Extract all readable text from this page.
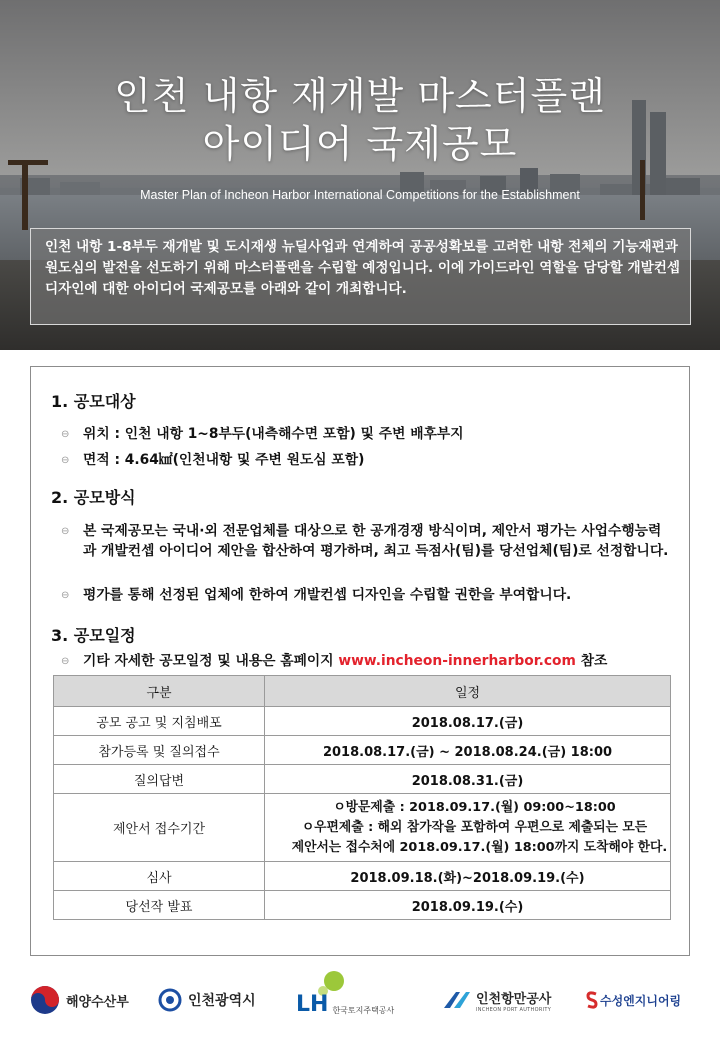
인천 내항 재개발 마스터플랜
아이디어 국제공모
Master Plan of Incheon Harbor International Competitions for the Establishment
인천 내항 1-8부두 재개발 및 도시재생 뉴딜사업과 연계하여 공공성확보를 고려한 내항 전체의 기능재편과 원도심의 발전을 선도하기 위해 마스터플랜을 수립할 예정입니다. 이에 가이드라인 역할을 담당할 개발컨셉 디자인에 대한 아이디어 국제공모를 아래와 같이 개최합니다.
1. 공모대상
⊖ 위치 : 인천 내항 1~8부두(내측해수면 포함) 및 주변 배후부지
⊖ 면적 : 4.64㎢(인천내항 및 주변 원도심 포함)
2. 공모방식
⊖ 본 국제공모는 국내·외 전문업체를 대상으로 한 공개경쟁 방식이며, 제안서 평가는 사업수행능력과 개발컨셉 아이디어 제안을 합산하여 평가하며, 최고 득점사(팀)를 당선업체(팀)로 선정합니다.
⊖ 평가를 통해 선정된 업체에 한하여 개발컨셉 디자인을 수립할 권한을 부여합니다.
3. 공모일정
⊖ 기타 자세한 공모일정 및 내용은 홈페이지 www.incheon-innerharbor.com 참조
구분	일정
공모 공고 및 지침배포	2018.08.17.(금)
참가등록 및 질의접수	2018.08.17.(금) ~ 2018.08.24.(금) 18:00
질의답변	2018.08.31.(금)
제안서 접수기간	ㅇ방문제출 : 2018.09.17.(월) 09:00~18:00
ㅇ우편제출 : 해외 참가작을 포함하여 우편으로 제출되는 모든
제안서는 접수처에 2018.09.17.(월) 18:00까지 도착해야 한다.

심사	2018.09.18.(화)~2018.09.19.(수)
당선작 발표	2018.09.19.(수)
해양수산부	인천광역시 LH 한국토지주택공사
인천항만공사
INCHEON PORT AUTHORITY
수성엔지니어링
